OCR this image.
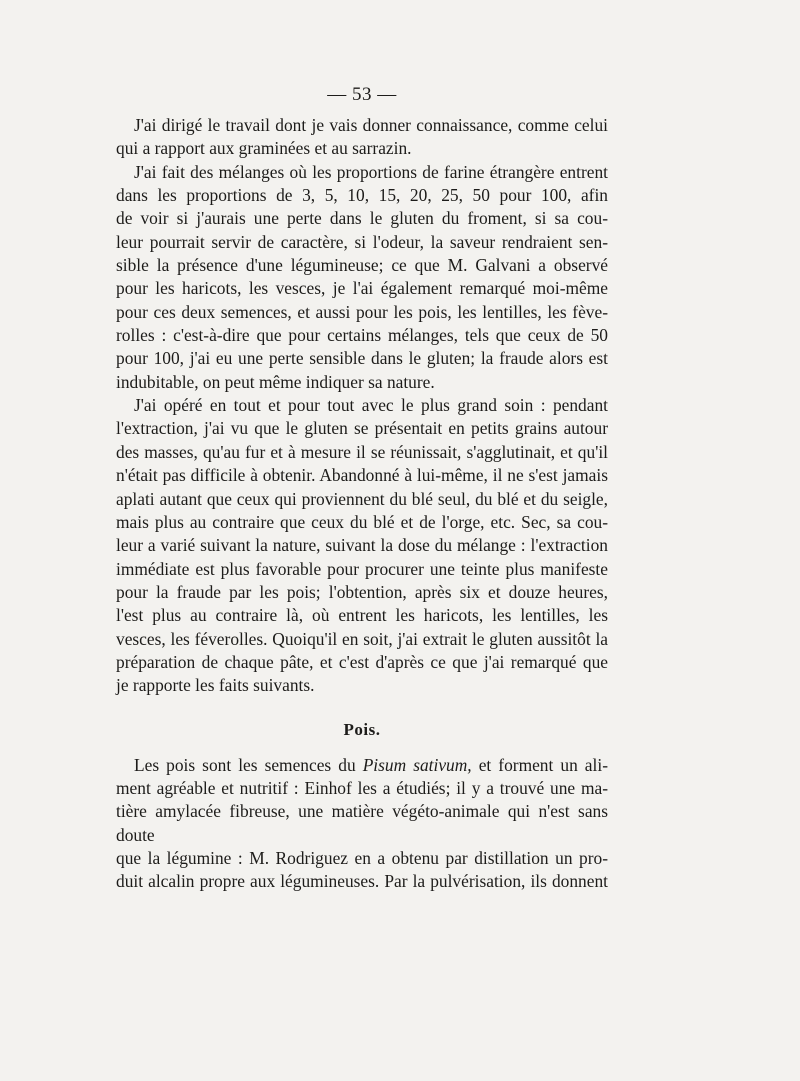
— 53 —

J'ai dirigé le travail dont je vais donner connaissance, comme celui
qui a rapport aux graminées et au sarrazin.

J'ai fait des mélanges où les proportions de farine étrangère entrent
dans les proportions de 3, 5, 10, 15, 20, 25, 50 pour 100, afin
de voir si j'aurais une perte dans le gluten du froment, si sa cou-
leur pourrait servir de caractère, si l'odeur, la saveur rendraient sen-
sible la présence d'une légumineuse; ce que M. Galvani a observé
pour les haricots, les vesces, je l'ai également remarqué moi-même
pour ces deux semences, et aussi pour les pois, les lentilles, les fève-
rolles : c'est-à-dire que pour certains mélanges, tels que ceux de 50
pour 100, j'ai eu une perte sensible dans le gluten; la fraude alors est
indubitable, on peut même indiquer sa nature.

J'ai opéré en tout et pour tout avec le plus grand soin : pendant
l'extraction, j'ai vu que le gluten se présentait en petits grains autour
des masses, qu'au fur et à mesure il se réunissait, s'agglutinait, et qu'il
n'était pas difficile à obtenir. Abandonné à lui-même, il ne s'est jamais
aplati autant que ceux qui proviennent du blé seul, du blé et du seigle,
mais plus au contraire que ceux du blé et de l'orge, etc. Sec, sa cou-
leur a varié suivant la nature, suivant la dose du mélange : l'extraction
immédiate est plus favorable pour procurer une teinte plus manifeste
pour la fraude par les pois; l'obtention, après six et douze heures,
l'est plus au contraire là, où entrent les haricots, les lentilles, les
vesces, les féverolles. Quoiqu'il en soit, j'ai extrait le gluten aussitôt la
préparation de chaque pâte, et c'est d'après ce que j'ai remarqué que
je rapporte les faits suivants.

Pois.

Les pois sont les semences du Pisum sativum, et forment un ali-
ment agréable et nutritif : Einhof les a étudiés; il y a trouvé une ma-
tière amylacée fibreuse, une matière végéto-animale qui n'est sans doute
que la légumine : M. Rodriguez en a obtenu par distillation un pro-
duit alcalin propre aux légumineuses. Par la pulvérisation, ils donnent
